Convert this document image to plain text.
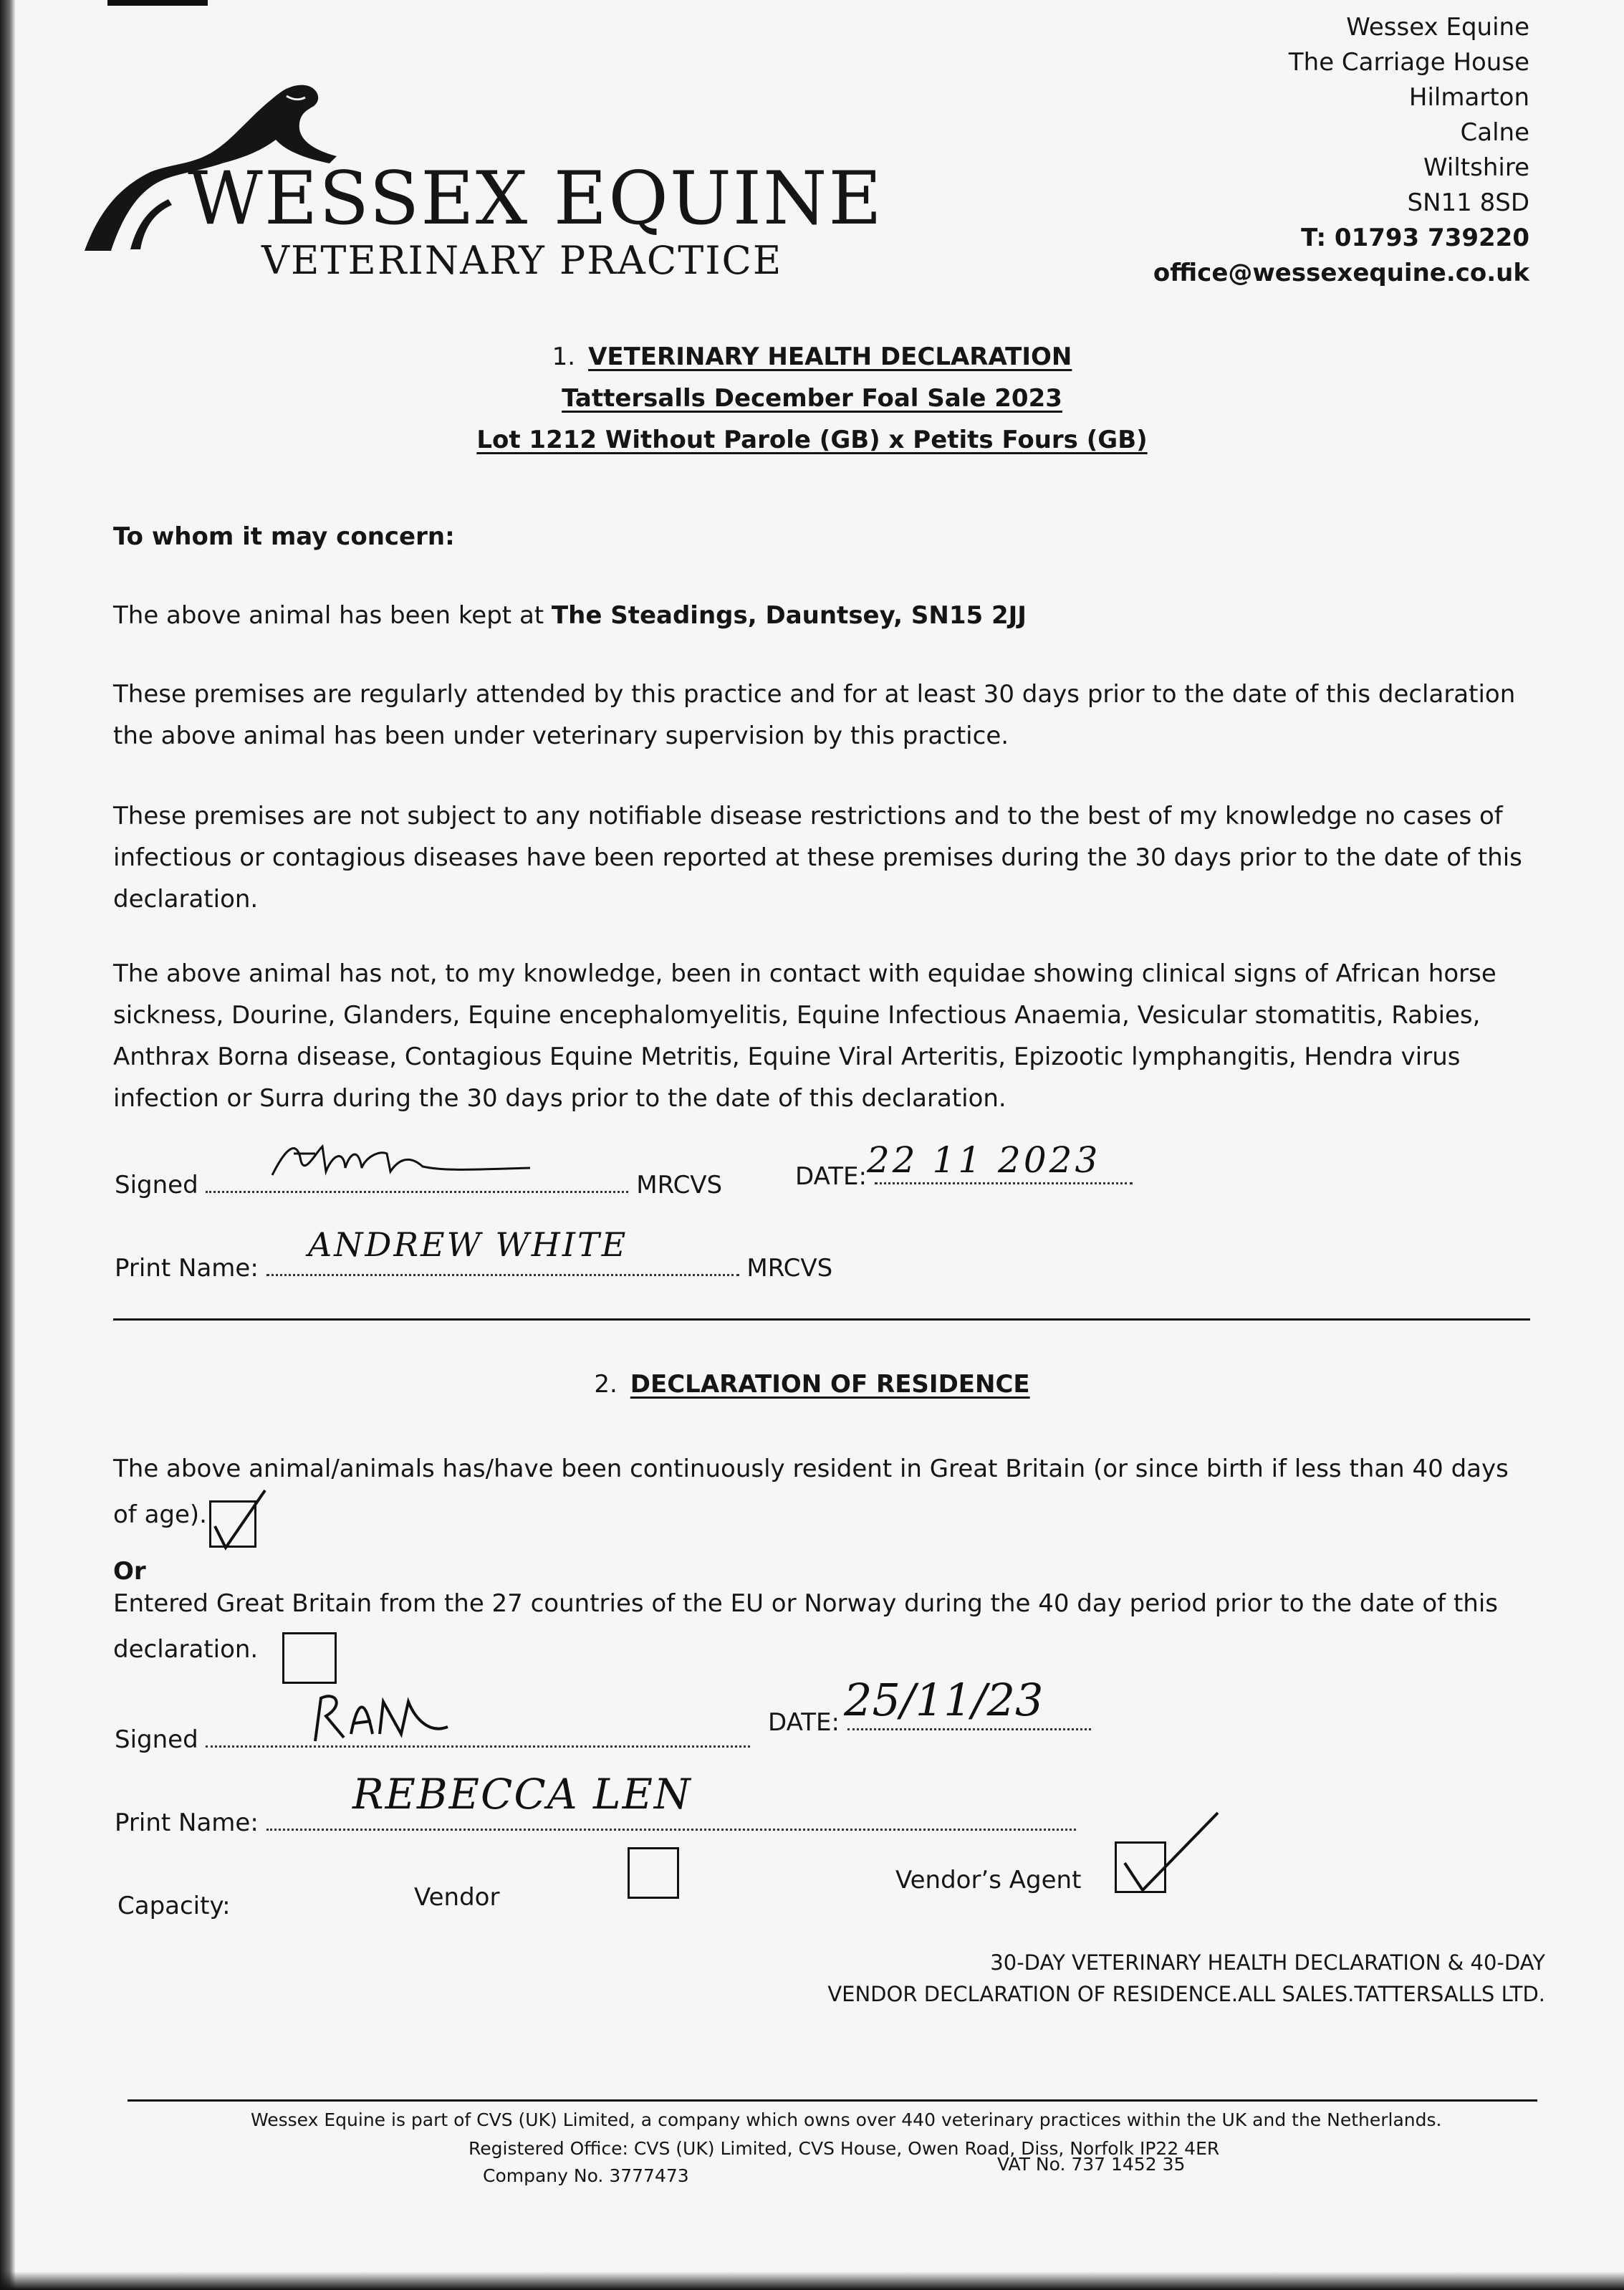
WESSEX EQUINE
VETERINARY PRACTICE
Wessex Equine
The Carriage House
Hilmarton
Calne
Wiltshire
SN11 8SD
T: 01793 739220
office@wessexequine.co.uk
1. VETERINARY HEALTH DECLARATION
Tattersalls December Foal Sale 2023
Lot 1212 Without Parole (GB) x Petits Fours (GB)
To whom it may concern:
The above animal has been kept at The Steadings, Dauntsey, SN15 2JJ
These premises are regularly attended by this practice and for at least 30 days prior to the date of this declaration the above animal has been under veterinary supervision by this practice.
These premises are not subject to any notifiable disease restrictions and to the best of my knowledge no cases of infectious or contagious diseases have been reported at these premises during the 30 days prior to the date of this declaration.
The above animal has not, to my knowledge, been in contact with equidae showing clinical signs of African horse sickness, Dourine, Glanders, Equine encephalomyelitis, Equine Infectious Anaemia, Vesicular stomatitis, Rabies, Anthrax Borna disease, Contagious Equine Metritis, Equine Viral Arteritis, Epizootic lymphangitis, Hendra virus infection or Surra during the 30 days prior to the date of this declaration.
Signed	MRCVS	DATE: 22 11 2023
Print Name:	MRCVS
ANDREW WHITE
2. DECLARATION OF RESIDENCE
The above animal/animals has/have been continuously resident in Great Britain (or since birth if less than 40 days of age).
Or
Entered Great Britain from the 27 countries of the EU or Norway during the 40 day period prior to the date of this declaration.
Signed
DATE: 25/11/23
Print Name:
REBECCA LEN
Capacity:	Vendor
Vendor’s Agent
30-DAY VETERINARY HEALTH DECLARATION & 40-DAY
VENDOR DECLARATION OF RESIDENCE.ALL SALES.TATTERSALLS LTD.
Wessex Equine is part of CVS (UK) Limited, a company which owns over 440 veterinary practices within the UK and the Netherlands.
Registered Office: CVS (UK) Limited, CVS House, Owen Road, Diss, Norfolk IP22 4ER
Company No. 3777473
VAT No. 737 1452 35
